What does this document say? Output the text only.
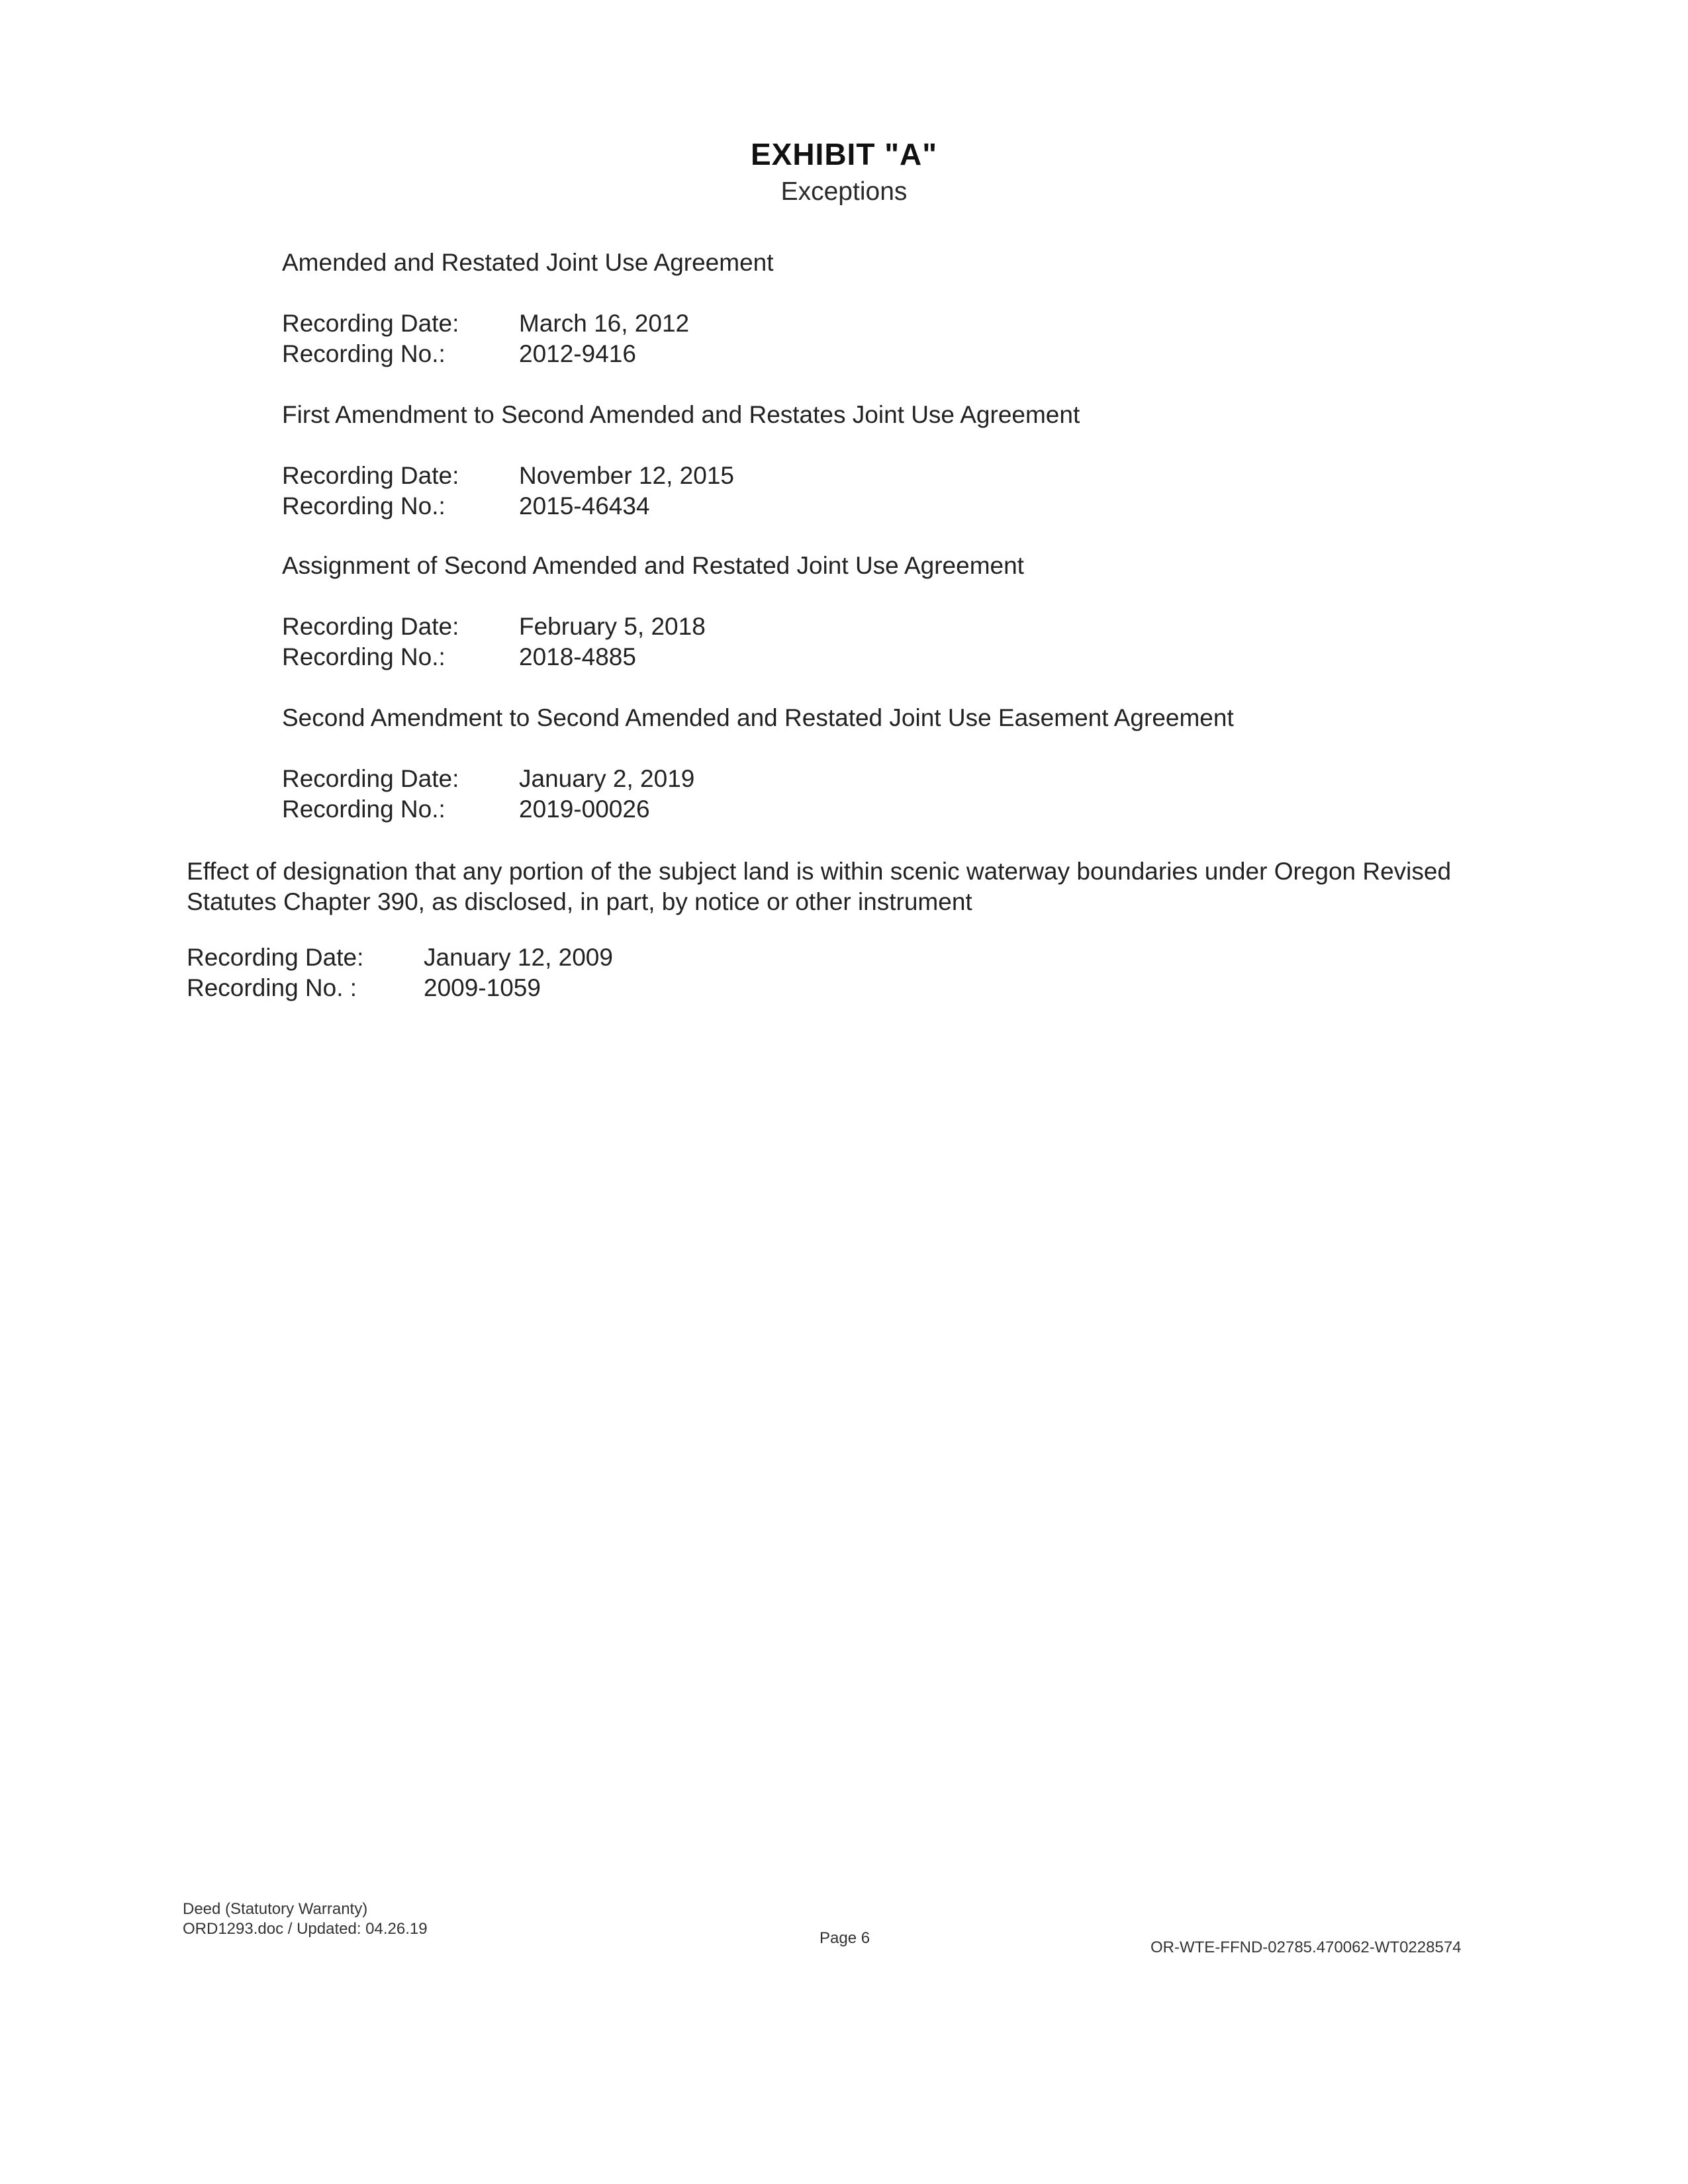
EXHIBIT "A"
Exceptions
Amended and Restated Joint Use Agreement
Recording Date: March 16, 2012
Recording No.:	2012-9416
First Amendment to Second Amended and Restates Joint Use Agreement
Recording Date: November 12, 2015
Recording No.:	2015-46434
Assignment of Second Amended and Restated Joint Use Agreement
Recording Date: February 5, 2018
Recording No.:	2018-4885
Second Amendment to Second Amended and Restated Joint Use Easement Agreement
Recording Date: January 2, 2019
Recording No.:	2019-00026
Effect of designation that any portion of the subject land is within scenic waterway boundaries under Oregon Revised Statutes Chapter 390, as disclosed, in part, by notice or other instrument
Recording Date: January 12, 2009
Recording No. :	2009-1059
Deed (Statutory Warranty)
ORD1293.doc / Updated: 04.26.19
Page 6
OR-WTE-FFND-02785.470062-WT0228574
